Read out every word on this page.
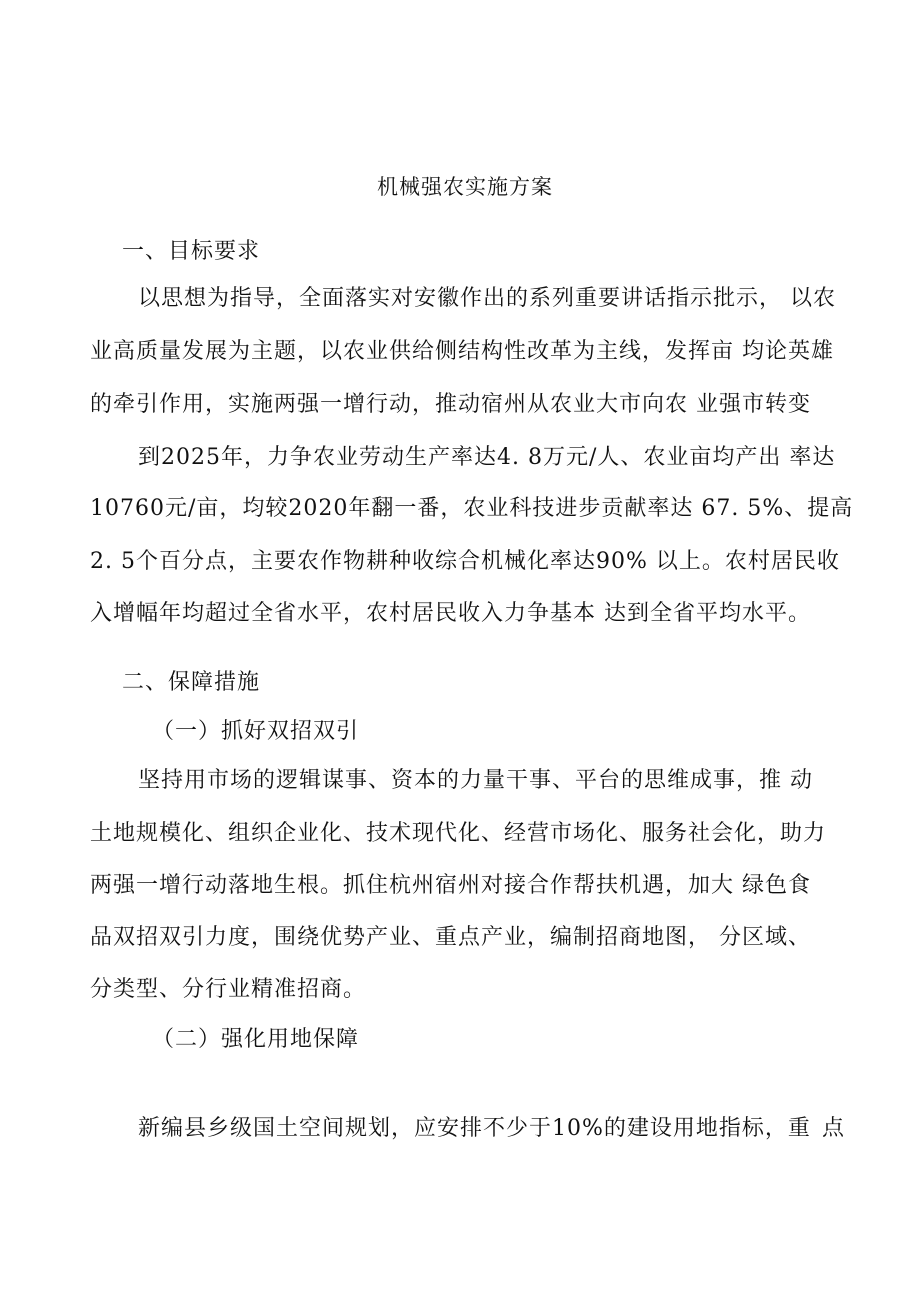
机械强农实施方案
一、目标要求
以思想为指导，全面落实对安徽作出的系列重要讲话指示批示， 以农
业高质量发展为主题，以农业供给侧结构性改革为主线，发挥亩 均论英雄
的牵引作用，实施两强一增行动，推动宿州从农业大市向农 业强市转变
到2025年，力争农业劳动生产率达4. 8万元/人、农业亩均产出 率达
10760元/亩，均较2020年翻一番，农业科技进步贡献率达 67. 5%、提高
2. 5个百分点，主要农作物耕种收综合机械化率达90% 以上。农村居民收
入增幅年均超过全省水平，农村居民收入力争基本 达到全省平均水平。
二、保障措施
（一）抓好双招双引
坚持用市场的逻辑谋事、资本的力量干事、平台的思维成事，推 动
土地规模化、组织企业化、技术现代化、经营市场化、服务社会化，助力
两强一增行动落地生根。抓住杭州宿州对接合作帮扶机遇，加大 绿色食
品双招双引力度，围绕优势产业、重点产业，编制招商地图， 分区域、
分类型、分行业精准招商。
（二）强化用地保障
新编县乡级国土空间规划，应安排不少于10%的建设用地指标，重 点
